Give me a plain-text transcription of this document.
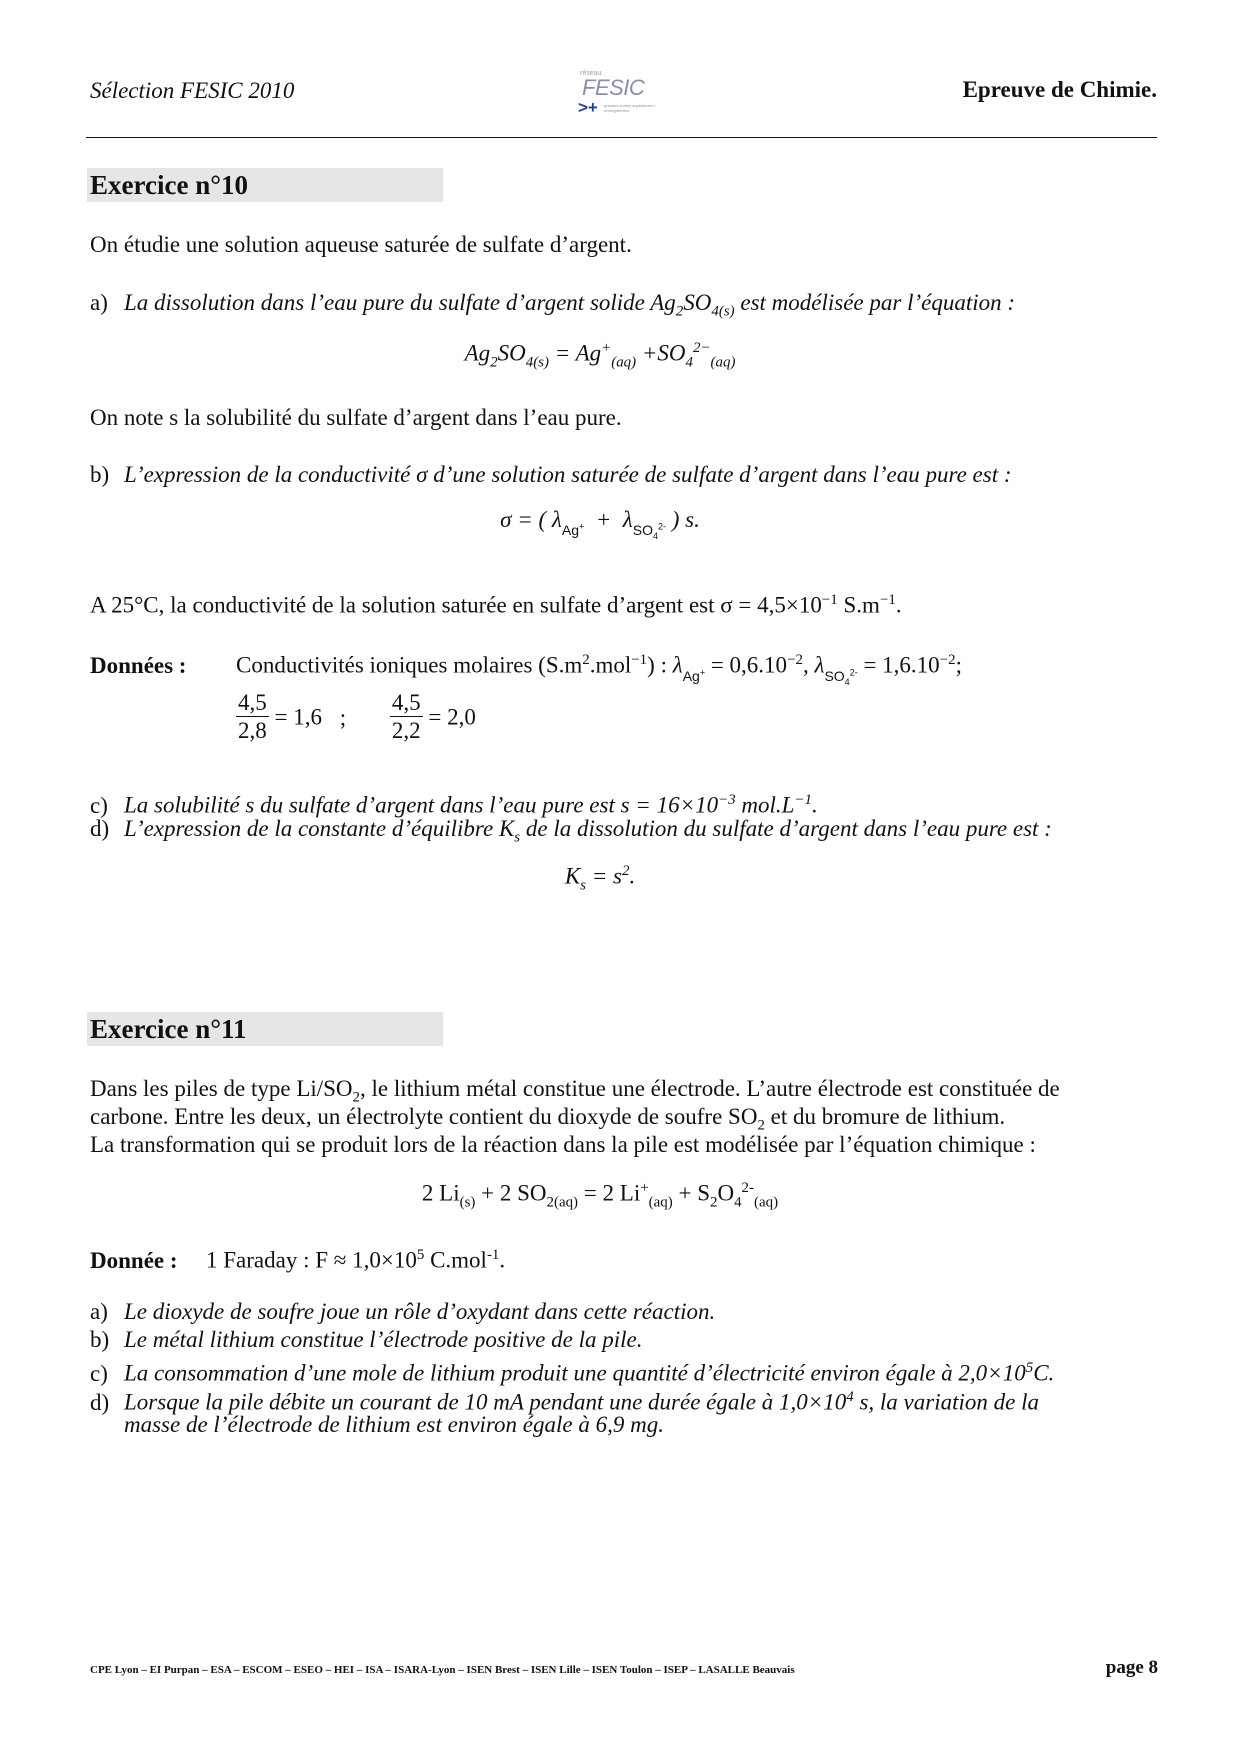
Sélection FESIC 2010
réseau
FESIC
>+ grandes écoles supérieures • enseignement
Epreuve de Chimie.
Exercice n°10
On étudie une solution aqueuse saturée de sulfate d’argent.
a) La dissolution dans l’eau pure du sulfate d’argent solide $Ag_2SO_{4(s)}$ est modélisée par l’équation :
$Ag_2SO_{4(s)} = Ag^+_{(aq)} +SO_4^{2-}_{(aq)}$
On note s la solubilité du sulfate d’argent dans l’eau pure.
b) L’expression de la conductivité σ d’une solution saturée de sulfate d’argent dans l’eau pure est :
σ = ( $\lambda_{Ag^+} + \lambda_{SO_4^{2-}}$ ) s.
A 25°C, la conductivité de la solution saturée en sulfate d’argent est $\sigma = 4,5\times 10^{-1}$ $S.m^{-1}$.
Données : Conductivités ioniques molaires $(S.m^2.mol^{-1})$ : $\lambda_{Ag^+} = 0,6.10^{-2}$, $\lambda_{SO_4^{2-}} = 1,6.10^{-2}$;
$\frac{4,5}{2,8} = 1,6$ ; $\frac{4,5}{2,2} = 2,0$
c) La solubilité s du sulfate d’argent dans l’eau pure est $s = 16\times 10^{-3}$ $mol.L^{-1}$.
d) L’expression de la constante d’équilibre $K_s$ de la dissolution du sulfate d’argent dans l’eau pure est :
$K_s = s^2$.
Exercice n°11
Dans les piles de type $Li/SO_2$, le lithium métal constitue une électrode. L’autre électrode est constituée de
carbone. Entre les deux, un électrolyte contient du dioxyde de soufre $SO_2$ et du bromure de lithium.
La transformation qui se produit lors de la réaction dans la pile est modélisée par l’équation chimique :
2 $Li_{(s)} + 2$ $SO_{2(aq)} = 2$ $Li^+_{(aq)} + S_2O_4^{2-}_{(aq)}$
Donnée : 1 Faraday : $F \approx 1,0\times 10^5$ C.mol$^{-1}$.
a) Le dioxyde de soufre joue un rôle d’oxydant dans cette réaction.
b) Le métal lithium constitue l’électrode positive de la pile.
c) La consommation d’une mole de lithium produit une quantité d’électricité environ égale à $2,0\times 10^5C$.
d) Lorsque la pile débite un courant de 10 mA pendant une durée égale à $1,0\times 10^4$ s, la variation de la
masse de l’électrode de lithium est environ égale à 6,9 mg.
CPE Lyon – EI Purpan – ESA – ESCOM – ESEO – HEI – ISA – ISARA-Lyon – ISEN Brest – ISEN Lille – ISEN Toulon – ISEP – LASALLE Beauvais	page 8
